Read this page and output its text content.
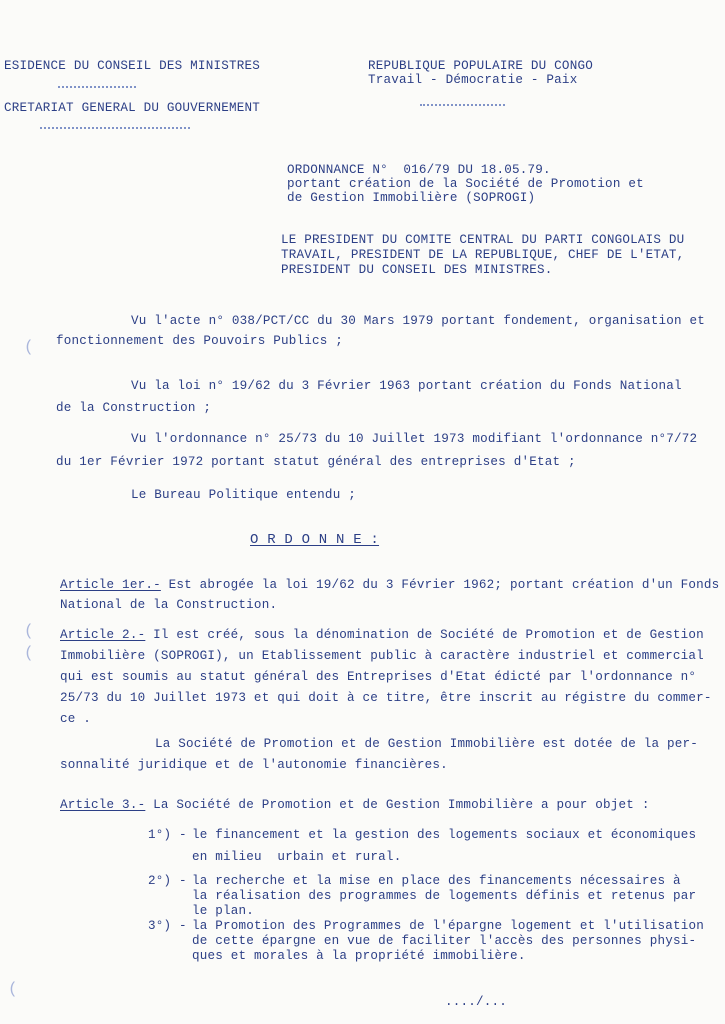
ESIDENCE DU CONSEIL DES MINISTRES
CRETARIAT GENERAL DU GOUVERNEMENT
REPUBLIQUE POPULAIRE DU CONGO
Travail - Démocratie - Paix
ORDONNANCE N°  016/79 DU 18.05.79.
portant création de la Société de Promotion et
de Gestion Immobilière (SOPROGI)
LE PRESIDENT DU COMITE CENTRAL DU PARTI CONGOLAIS DU
TRAVAIL, PRESIDENT DE LA REPUBLIQUE, CHEF DE L'ETAT,
PRESIDENT DU CONSEIL DES MINISTRES.
Vu l'acte n° 038/PCT/CC du 30 Mars 1979 portant fondement, organisation et
fonctionnement des Pouvoirs Publics ;
Vu la loi n° 19/62 du 3 Février 1963 portant création du Fonds National
de la Construction ;
Vu l'ordonnance n° 25/73 du 10 Juillet 1973 modifiant l'ordonnance n°7/72
du 1er Février 1972 portant statut général des entreprises d'Etat ;
Le Bureau Politique entendu ;
O R D O N N E :
Article 1er.- Est abrogée la loi 19/62 du 3 Février 1962; portant création d'un Fonds
National de la Construction.
Article 2.- Il est créé, sous la dénomination de Société de Promotion et de Gestion
Immobilière (SOPROGI), un Etablissement public à caractère industriel et commercial
qui est soumis au statut général des Entreprises d'Etat édicté par l'ordonnance n°
25/73 du 10 Juillet 1973 et qui doit à ce titre, être inscrit au régistre du commer-
ce .
La Société de Promotion et de Gestion Immobilière est dotée de la per-
sonnalité juridique et de l'autonomie financières.
Article 3.- La Société de Promotion et de Gestion Immobilière a pour objet :
1°) - le financement et la gestion des logements sociaux et économiques
en milieu  urbain et rural.
2°) - la recherche et la mise en place des financements nécessaires à
la réalisation des programmes de logements définis et retenus par
le plan.
3°) - la Promotion des Programmes de l'épargne logement et l'utilisation
de cette épargne en vue de faciliter l'accès des personnes physi-
ques et morales à la propriété immobilière.
..../...
(
(
(
(
